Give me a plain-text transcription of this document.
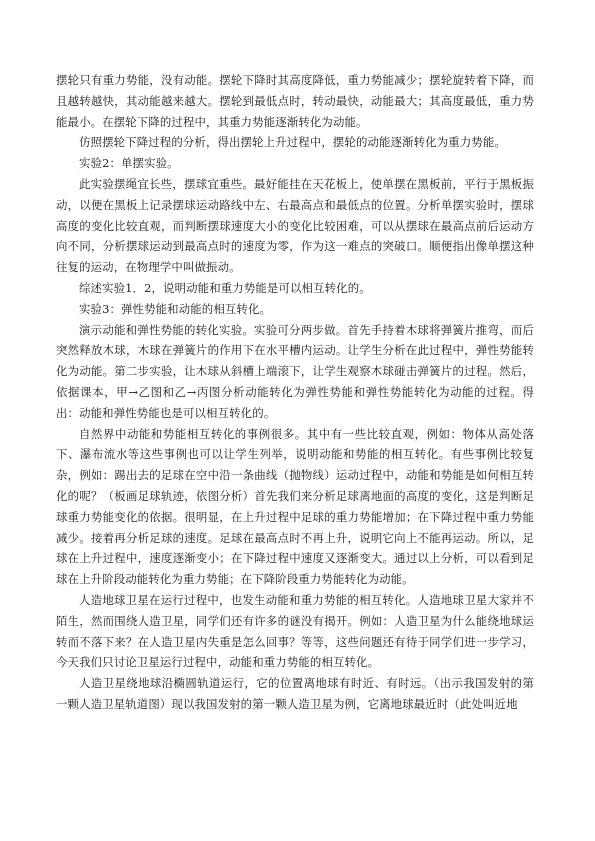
摆轮只有重力势能，没有动能。摆轮下降时其高度降低，重力势能减少；摆轮旋转着下降，而且越转越快，其动能越来越大。摆轮到最低点时，转动最快，动能最大；其高度最低，重力势能最小。在摆轮下降的过程中，其重力势能逐渐转化为动能。

仿照摆轮下降过程的分析，得出摆轮上升过程中，摆轮的动能逐渐转化为重力势能。

实验2：单摆实验。

此实验摆绳宜长些，摆球宜重些。最好能挂在天花板上，使单摆在黑板前，平行于黑板振动，以便在黑板上记录摆球运动路线中左、右最高点和最低点的位置。分析单摆实验时，摆球高度的变化比较直观，而判断摆球速度大小的变化比较困难，可以从摆球在最高点前后运动方向不同，分析摆球运动到最高点时的速度为零，作为这一难点的突破口。顺便指出像单摆这种往复的运动，在物理学中叫做振动。

综述实验1．2，说明动能和重力势能是可以相互转化的。

实验3：弹性势能和动能的相互转化。

演示动能和弹性势能的转化实验。实验可分两步做。首先手持着木球将弹簧片推弯，而后突然释放木球，木球在弹簧片的作用下在水平槽内运动。让学生分析在此过程中，弹性势能转化为动能。第二步实验，让木球从斜槽上端滚下，让学生观察木球碰击弹簧片的过程。然后，依据课本，甲→乙图和乙→丙图分析动能转化为弹性势能和弹性势能转化为动能的过程。得出：动能和弹性势能也是可以相互转化的。

自然界中动能和势能相互转化的事例很多。其中有一些比较直观，例如：物体从高处落下、瀑布流水等这些事例也可以让学生列举，说明动能和势能的相互转化。有些事例比较复杂，例如：踢出去的足球在空中沿一条曲线（抛物线）运动过程中，动能和势能是如何相互转化的呢？（板画足球轨迹，依图分析）首先我们来分析足球离地面的高度的变化，这是判断足球重力势能变化的依据。很明显，在上升过程中足球的重力势能增加；在下降过程中重力势能减少。接着再分析足球的速度。足球在最高点时不再上升，说明它向上不能再运动。所以，足球在上升过程中，速度逐渐变小；在下降过程中速度又逐渐变大。通过以上分析，可以看到足球在上升阶段动能转化为重力势能；在下降阶段重力势能转化为动能。

人造地球卫星在运行过程中，也发生动能和重力势能的相互转化。人造地球卫星大家并不陌生，然而围绕人造卫星，同学们还有许多的谜没有揭开。例如：人造卫星为什么能绕地球运转而不落下来？在人造卫星内失重是怎么回事？等等，这些问题还有待于同学们进一步学习，今天我们只讨论卫星运行过程中，动能和重力势能的相互转化。

人造卫星绕地球沿椭圆轨道运行，它的位置离地球有时近、有时远。（出示我国发射的第一颗人造卫星轨道图）现以我国发射的第一颗人造卫星为例，它离地球最近时（此处叫近地
